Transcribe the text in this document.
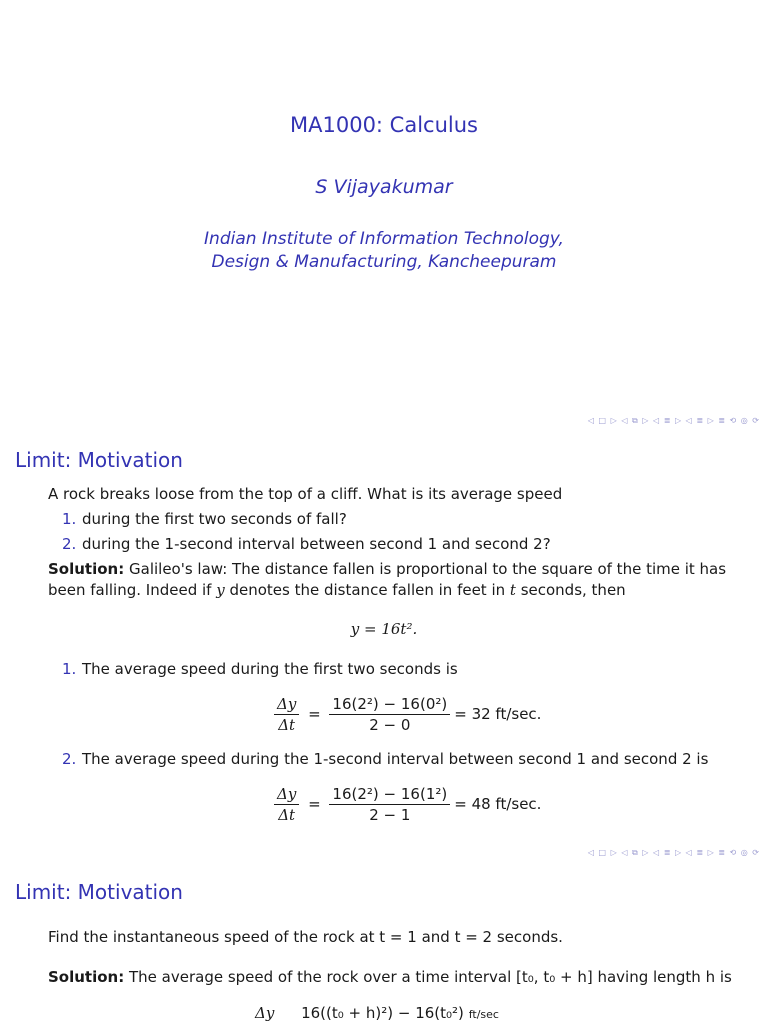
MA1000: Calculus
S Vijayakumar
Indian Institute of Information Technology,
Design & Manufacturing, Kancheepuram
◁ □ ▷ ◁ ⧉ ▷ ◁ ≣ ▷ ◁ ≣ ▷ ≣ ⟲ ◎ ⟳
Limit: Motivation
A rock breaks loose from the top of a cliff. What is its average speed
1. during the first two seconds of fall?
2. during the 1-second interval between second 1 and second 2?
Solution: Galileo's law: The distance fallen is proportional to the square of the time it has
been falling. Indeed if y denotes the distance fallen in feet in t seconds, then
y = 16t².
1. The average speed during the first two seconds is
$\frac{\Delta y}{\Delta t} = \frac{\text{16(2²) − 16(0²)}}{2 - 0} = 32$ ft/sec.
2. The average speed during the 1-second interval between second 1 and second 2 is
$\frac{\Delta y}{\Delta t} = \frac{\text{16(2²) − 16(1²)}}{2 - 1} = 48$ ft/sec.
◁ □ ▷ ◁ ⧉ ▷ ◁ ≣ ▷ ◁ ≣ ▷ ≣ ⟲ ◎ ⟳
Limit: Motivation
Find the instantaneous speed of the rock at t = 1 and t = 2 seconds.
Solution: The average speed of the rock over a time interval [t₀, t₀ + h] having length h is
Δy 16((t₀ + h)²) − 16(t₀²) ft/sec
